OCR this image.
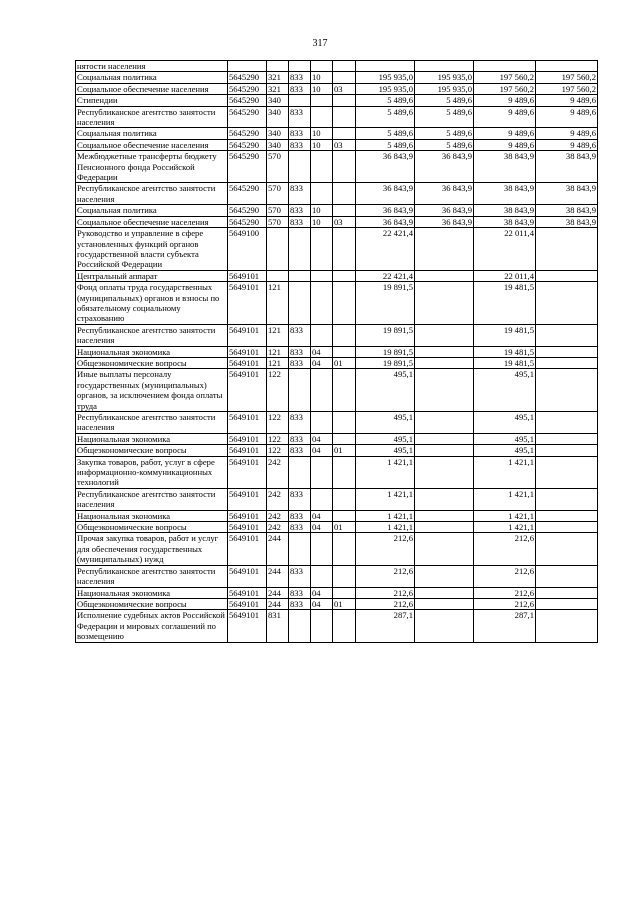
317
нятости населения									
Социальная политика	5645290	321	833	10		195 935,0	195 935,0	197 560,2	197 560,2
Социальное обеспечение населения	5645290	321	833	10	03	195 935,0	195 935,0	197 560,2	197 560,2
Стипендии	5645290	340				5 489,6	5 489,6	9 489,6	9 489,6
Республиканское агентство занятости населения	5645290	340	833			5 489,6	5 489,6	9 489,6	9 489,6
Социальная политика	5645290	340	833	10		5 489,6	5 489,6	9 489,6	9 489,6
Социальное обеспечение населения	5645290	340	833	10	03	5 489,6	5 489,6	9 489,6	9 489,6
Межбюджетные трансферты бюджету Пенсионного фонда Российской Федерации	5645290	570				36 843,9	36 843,9	38 843,9	38 843,9
Республиканское агентство занятости населения	5645290	570	833			36 843,9	36 843,9	38 843,9	38 843,9
Социальная политика	5645290	570	833	10		36 843,9	36 843,9	38 843,9	38 843,9
Социальное обеспечение населения	5645290	570	833	10	03	36 843,9	36 843,9	38 843,9	38 843,9
Руководство и управление в сфере установленных функций органов государственной власти субъекта Российской Федерации	5649100					22 421,4		22 011,4	
Центральный аппарат	5649101					22 421,4		22 011,4	
Фонд оплаты труда государственных (муниципальных) органов и взносы по обязательному социальному страхованию	5649101	121				19 891,5		19 481,5	
Республиканское агентство занятости населения	5649101	121	833			19 891,5		19 481,5	
Национальная экономика	5649101	121	833	04		19 891,5		19 481,5	
Общеэкономические вопросы	5649101	121	833	04	01	19 891,5		19 481,5	
Иные выплаты персоналу государственных (муниципальных) органов, за исключением фонда оплаты труда	5649101	122				495,1		495,1	
Республиканское агентство занятости населения	5649101	122	833			495,1		495,1	
Национальная экономика	5649101	122	833	04		495,1		495,1	
Общеэкономические вопросы	5649101	122	833	04	01	495,1		495,1	
Закупка товаров, работ, услуг в сфере информационно-коммуникационных технологий	5649101	242				1 421,1		1 421,1	
Республиканское агентство занятости населения	5649101	242	833			1 421,1		1 421,1	
Национальная экономика	5649101	242	833	04		1 421,1		1 421,1	
Общеэкономические вопросы	5649101	242	833	04	01	1 421,1		1 421,1	
Прочая закупка товаров, работ и услуг для обеспечения государственных (муниципальных) нужд	5649101	244				212,6		212,6	
Республиканское агентство занятости населения	5649101	244	833			212,6		212,6	
Национальная экономика	5649101	244	833	04		212,6		212,6	
Общеэкономические вопросы	5649101	244	833	04	01	212,6		212,6	
Исполнение судебных актов Российской Федерации и мировых соглашений по возмещению	5649101	831				287,1		287,1	
